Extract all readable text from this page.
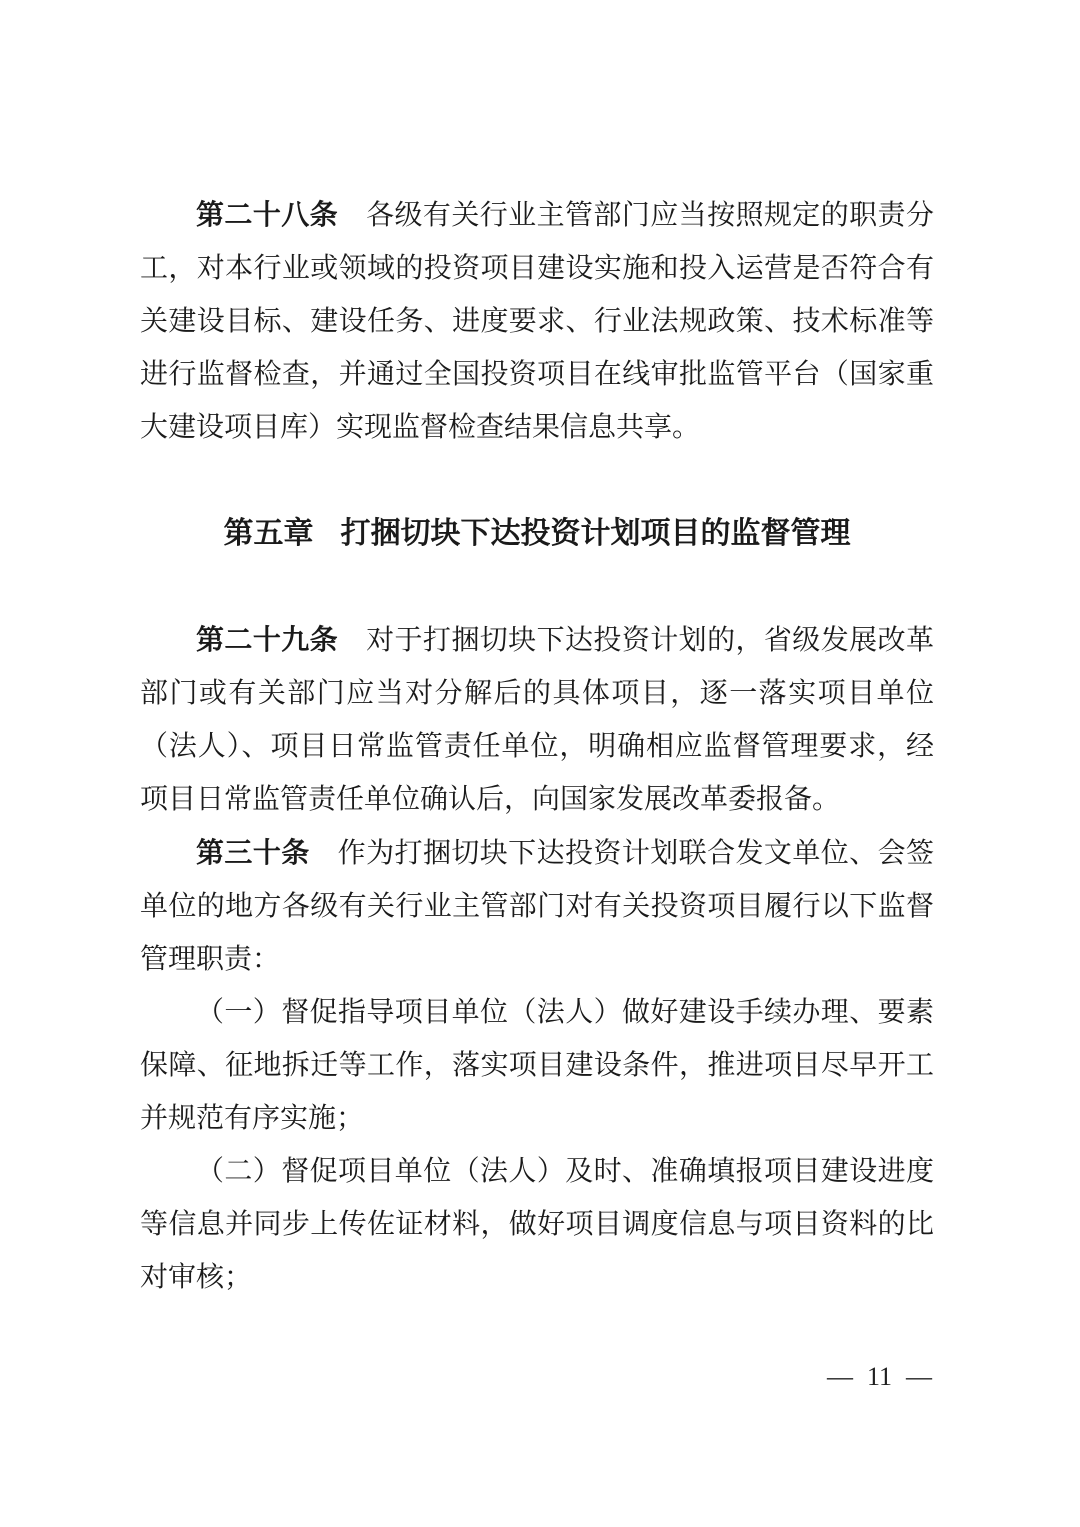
第二十八条 各级有关行业主管部门应当按照规定的职责分工，对本行业或领域的投资项目建设实施和投入运营是否符合有关建设目标、建设任务、进度要求、行业法规政策、技术标准等进行监督检查，并通过全国投资项目在线审批监管平台（国家重大建设项目库）实现监督检查结果信息共享。

第五章 打捆切块下达投资计划项目的监督管理

第二十九条 对于打捆切块下达投资计划的，省级发展改革部门或有关部门应当对分解后的具体项目，逐一落实项目单位（法人）、项目日常监管责任单位，明确相应监督管理要求，经项目日常监管责任单位确认后，向国家发展改革委报备。

第三十条 作为打捆切块下达投资计划联合发文单位、会签单位的地方各级有关行业主管部门对有关投资项目履行以下监督管理职责：

（一）督促指导项目单位（法人）做好建设手续办理、要素保障、征地拆迁等工作，落实项目建设条件，推进项目尽早开工并规范有序实施；

（二）督促项目单位（法人）及时、准确填报项目建设进度等信息并同步上传佐证材料，做好项目调度信息与项目资料的比对审核；

— 11 —
